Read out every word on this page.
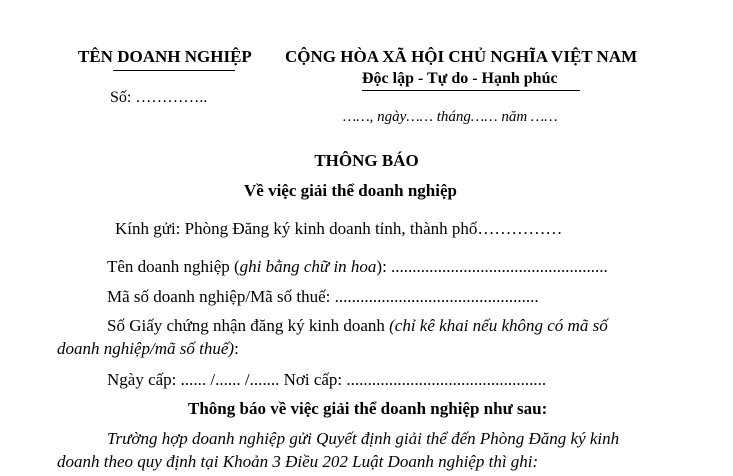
TÊN DOANH NGHIỆP
Số: …………..
CỘNG HÒA XÃ HỘI CHỦ NGHĨA VIỆT NAM
Độc lập - Tự do - Hạnh phúc
……, ngày…… tháng…… năm ……
THÔNG BÁO
Về việc giải thể doanh nghiệp
Kính gửi: Phòng Đăng ký kinh doanh tỉnh, thành phố……………
Tên doanh nghiệp (ghi bằng chữ in hoa): ...................................................
Mã số doanh nghiệp/Mã số thuế: ................................................
Số Giấy chứng nhận đăng ký kinh doanh (chỉ kê khai nếu không có mã số
doanh nghiệp/mã số thuế):
Ngày cấp: ...... /...... /....... Nơi cấp: ...............................................
Thông báo về việc giải thể doanh nghiệp như sau:
Trường hợp doanh nghiệp gửi Quyết định giải thể đến Phòng Đăng ký kinh
doanh theo quy định tại Khoản 3 Điều 202 Luật Doanh nghiệp thì ghi:
